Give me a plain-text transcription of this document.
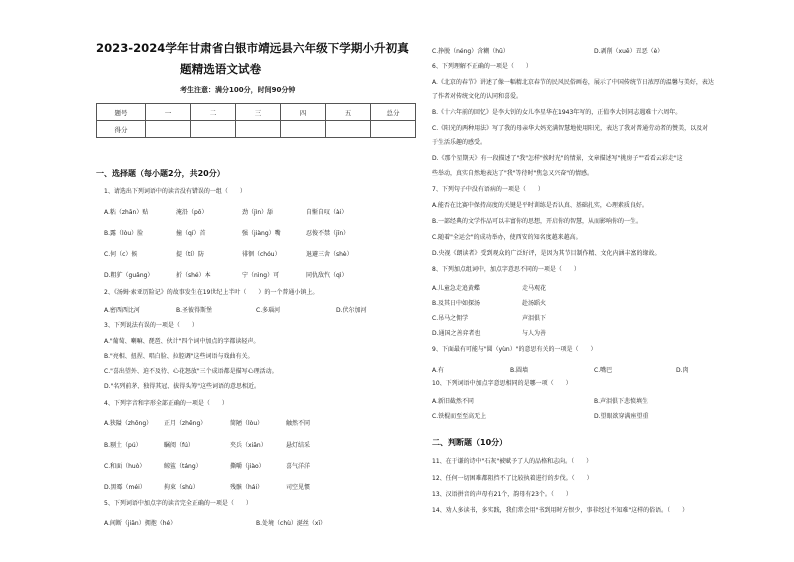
2023-2024学年甘肃省白银市靖远县六年级下学期小升初真
题精选语文试卷
考生注意：满分100分，时间90分钟
题号	一	二	三	四	五	总分
得分						
一、选择题（每小题2分，共20分）
1、请选出下列词语中的读音没有错误的一组（　　）
A.粘（zhān）贴	淹沿（pō）	劲（jìn）舔	自惭自叹（ài）
B.露（lòu）脸	撞（qí）首	强（jiàng）嘴	忍俊不禁（jīn）
C.何（c）候	提（tí）防	徘徊（chóu）	退避三舍（shè）
D.粗犷（guǎng）	折（shé）本	宁（nìng）可	同仇敌忾（qì）
2、《汤姆·索亚历险记》的故事发生在19世纪上半叶（　　）的一个普通小镇上。
A.密西西比河	B.圣彼得斯堡	C.多瑙河	D.伏尔加河
3、下列说法有误的一项是（　　）
A."葡萄、喇嘛、琵琶、伙计"四个词中加点的字都读轻声。
B."亮相、扭捏、唱白脸、拉腔调"这些词语与戏曲有关。
C."喜出望外、迫不及待、心花怒放"三个成语都是描写心理活动。
D."名列前茅、独得其冠、拔得头筹"这些词语的意思相近。
4、下列字音和字形全部正确的一项是（　　）
A.狭隘（zhōng） 正月（zhēng）	简陋（lòu）	触然不同
B.剔土（pú）	瞩阅（fú）	夹兵（xiān）	悬灯结采
C.和面（huò）	鲸鲨（táng）	撕嚼（jiào）	喜气洋洋
D.黑霉（méi）	拘束（shù）	残骸（hái）	司空见惯
5、下列词语中加点字的读音完全正确的一项是（　　）
A.间断（jiān）拥抱（hé）	B.处境（chù）涎丝（xī）
C.挣脱（néng）含糊（hū）	D.剥削（xuē）丑恶（è）
6、下列理解不正确的一项是（　　）
A.《北京的春节》讲述了像一幅精北京春节的民风民俗画卷，展示了中国传统节日浓厚的温馨与美好，表达
了作者对传统文化的认同和喜爱。
B.《十六年前的回忆》是李大钊的女儿李星华在1943年写的，正值李大钊同志遇难十六周年。
C.《阳光的两种用法》写了我的母亲华大妈充满智慧地使用阳光，表达了我对普通劳动者的赞美，以及对
于生活乐趣的感受。
D.《那个星期天》有一段描述了"我"怎样"挨时光"的情景，文章描述写"挑房子""看看云彩走"这
些举动，真实自然地表达了"我"等待时"焦急又兴奋"的情感。
7、下列句子中没有语病的一项是（　　）
A.能否在比赛中保持高度的关键是平时训练是否认真、基础扎实，心理素质良好。
B.一部经典的文学作品可以丰富你的思想，开启你的智慧，从而影响你的一生。
C.随着"全运会"的成功举办，使西安的知名度越来越高。
D.央视《朗读者》受到观众的广泛好评，是因为其节目制作精、文化内涵丰富的缘故。
8、下列加点组词中，加点字意思不同的一项是（　　）
A.儿童急走追黄蝶	走马观花
B.及其日中如探汤	赴汤蹈火
C.吊马之佣学	声泪俱下
D.通国之善弈者也	与人为善
9、下面最有可能与"圆（yùn）"的意思有关的一项是（　　）
A.有	B.圆墙	C.嘴巴	D.肉
10、下列词语中加点字意思相同的是哪一项（　　）
A.新旧截然不同	B.声泪俱下悲愤填生
C.铁棍而至至高无上	D.望眼欲穿满座望重
二、判断题（10分）
11、在于谦的诗中"石灰"被赋予了人的品格和志向。（　　）
12、任何一切困难都阻挡不了比较执着进行的步伐。（　　）
13、汉语拼音的声母有21个，韵母有23个。（　　）
14、劝人多读书，多实践，我们常会用"书到用时方恨少，事非经过不知难"这样的俗语。（　　）
